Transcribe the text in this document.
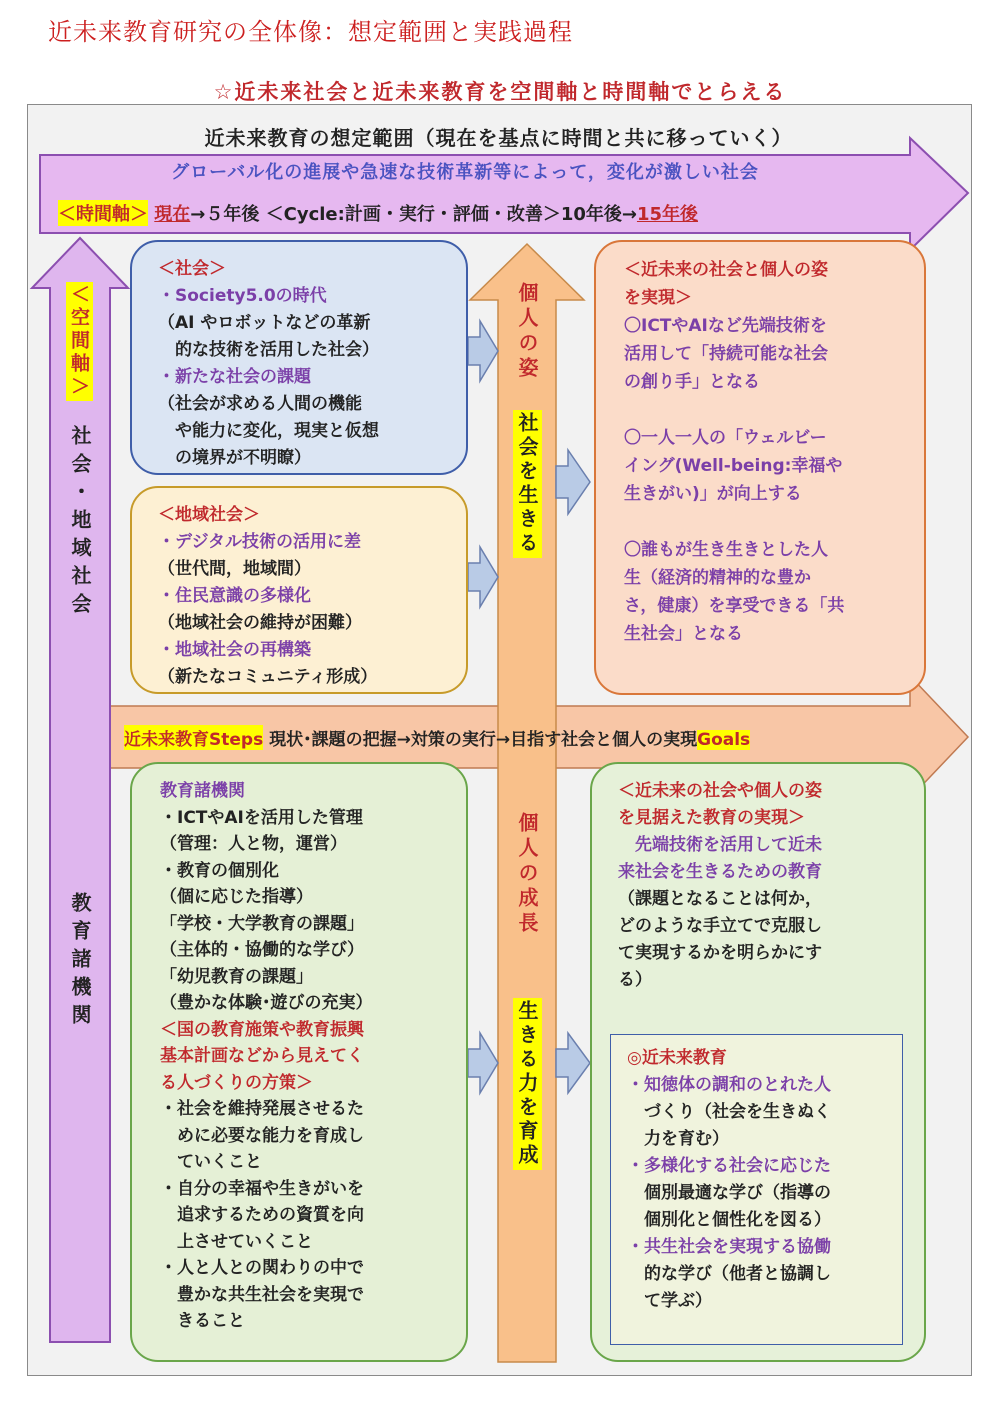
近未来教育研究の全体像：想定範囲と実践過程
☆近未来社会と近未来教育を空間軸と時間軸でとらえる
近未来教育の想定範囲（現在を基点に時間と共に移っていく）
グローバル化の進展や急速な技術革新等によって，変化が激しい社会
＜時間軸＞ 現在→５年後 ＜Cycle:計画・実行・評価・改善＞10年後→15年後
＜空間軸＞
社会・地域社会
教育諸機関
個人の姿
社会を生きる
個人の成長
生きる力を育成
＜社会＞
・Society5.0の時代
（AI やロボットなどの革新
　的な技術を活用した社会）
・新たな社会の課題
（社会が求める人間の機能
　や能力に変化，現実と仮想
　の境界が不明瞭）
＜地域社会＞
・デジタル技術の活用に差
（世代間，地域間）
・住民意識の多様化
（地域社会の維持が困難）
・地域社会の再構築
（新たなコミュニティ形成）
＜近未来の社会と個人の姿
を実現＞
〇ICTやAIなど先端技術を
活用して「持続可能な社会
の創り手」となる
〇一人一人の「ウェルビー
イング(Well-being:幸福や
生きがい)」が向上する
〇誰もが生き生きとした人
生（経済的精神的な豊か
さ，健康）を享受できる「共
生社会」となる
近未来教育Steps 現状･課題の把握→対策の実行→目指す社会と個人の実現Goals
教育諸機関
・ICTやAIを活用した管理
（管理：人と物，運営）
・教育の個別化
（個に応じた指導）
「学校・大学教育の課題」
（主体的・協働的な学び）
「幼児教育の課題」
（豊かな体験･遊びの充実）
＜国の教育施策や教育振興
基本計画などから見えてく
る人づくりの方策＞
・社会を維持発展させるた
　めに必要な能力を育成し
　ていくこと
・自分の幸福や生きがいを
　追求するための資質を向
　上させていくこと
・人と人との関わりの中で
　豊かな共生社会を実現で
　きること
＜近未来の社会や個人の姿
を見据えた教育の実現＞
　先端技術を活用して近未
来社会を生きるための教育
（課題となることは何か，
どのような手立てで克服し
て実現するかを明らかにす
る）
◎近未来教育
・知徳体の調和のとれた人
　づくり（社会を生きぬく
　力を育む）
・多様化する社会に応じた
　個別最適な学び（指導の
　個別化と個性化を図る）
・共生社会を実現する協働
　的な学び（他者と協調し
　て学ぶ）
